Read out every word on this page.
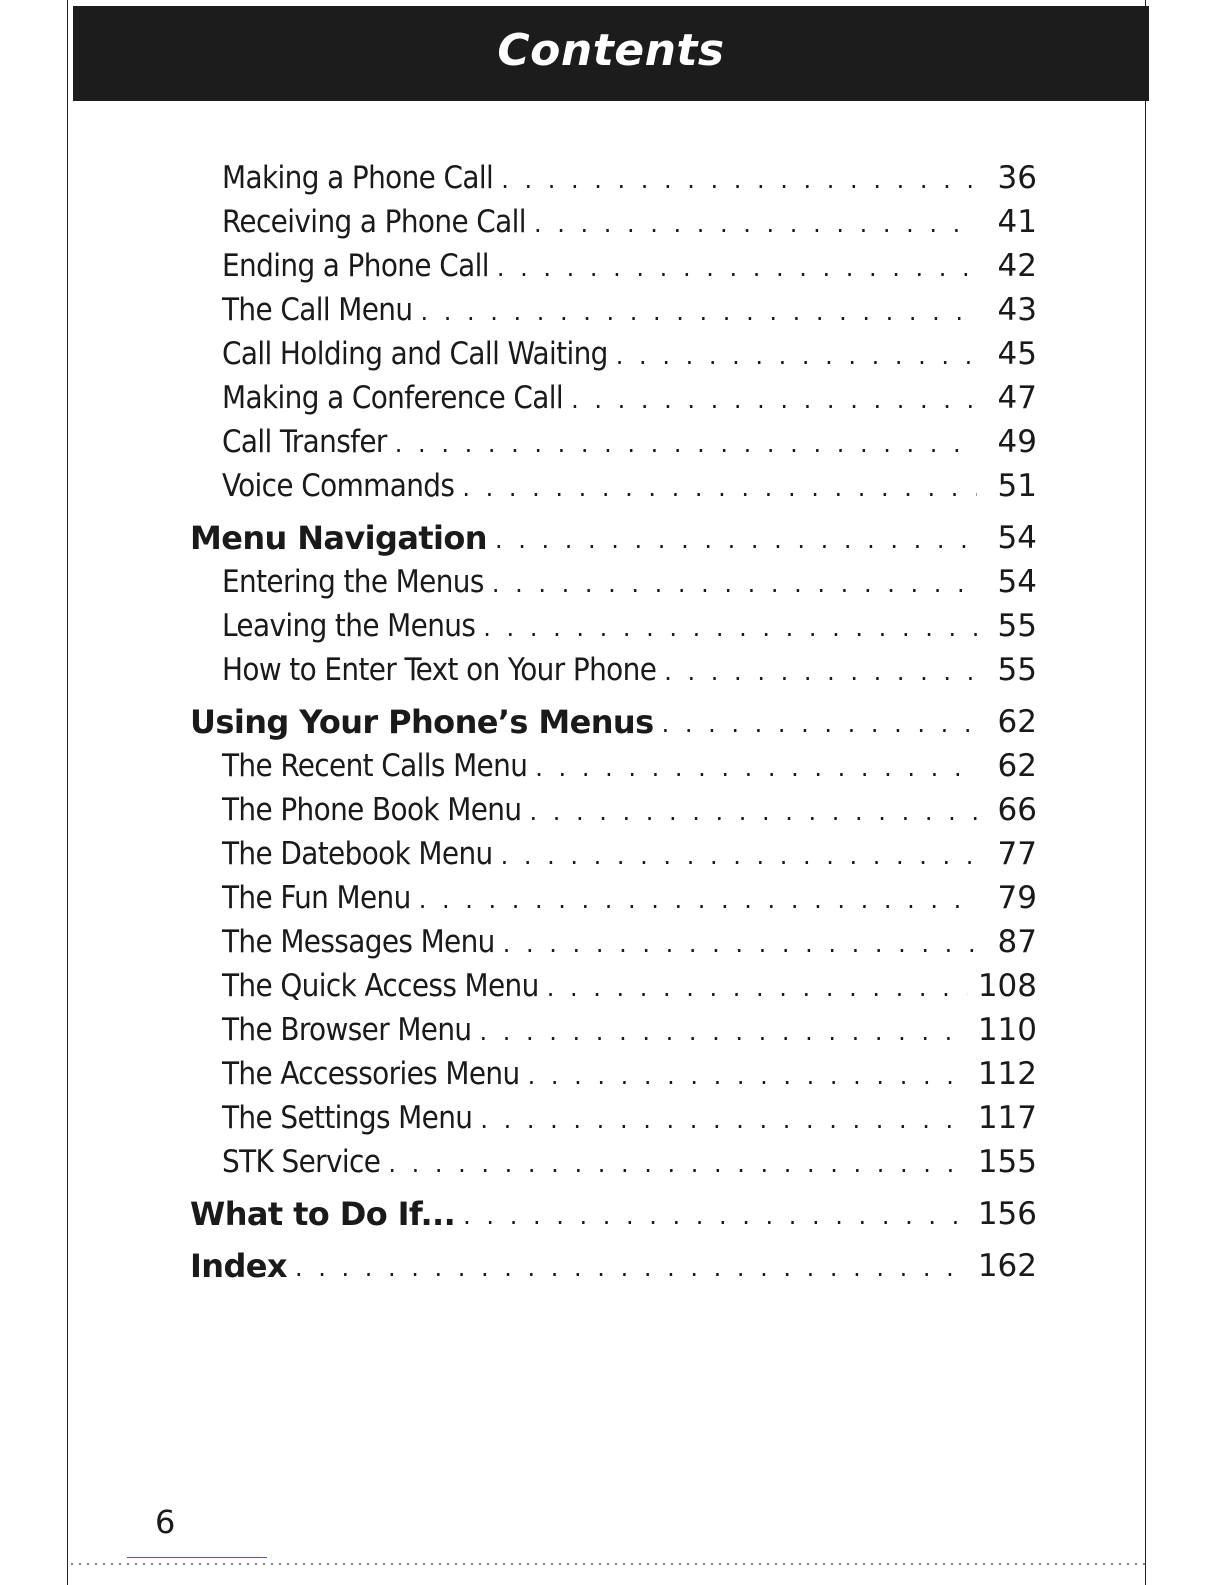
Contents
Making a Phone Call . . .	36
Receiving a Phone Call . . .	41
Ending a Phone Call . . .	42
The Call Menu . . .	43
Call Holding and Call Waiting . . .	45
Making a Conference Call . . .	47
Call Transfer . . .	49
Voice Commands . . .	51
Menu Navigation . . .	54
Entering the Menus . . .	54
Leaving the Menus . . .	55
How to Enter Text on Your Phone . . .	55
Using Your Phone’s Menus . . .	62
The Recent Calls Menu . . .	62
The Phone Book Menu . . .	66
The Datebook Menu . . .	77
The Fun Menu . . .	79
The Messages Menu . . .	87
The Quick Access Menu . . .	108
The Browser Menu . . .	110
The Accessories Menu . . .	112
The Settings Menu . . .	117
STK Service . . .	155
What to Do If... . . .	156
Index . . .	162
6
